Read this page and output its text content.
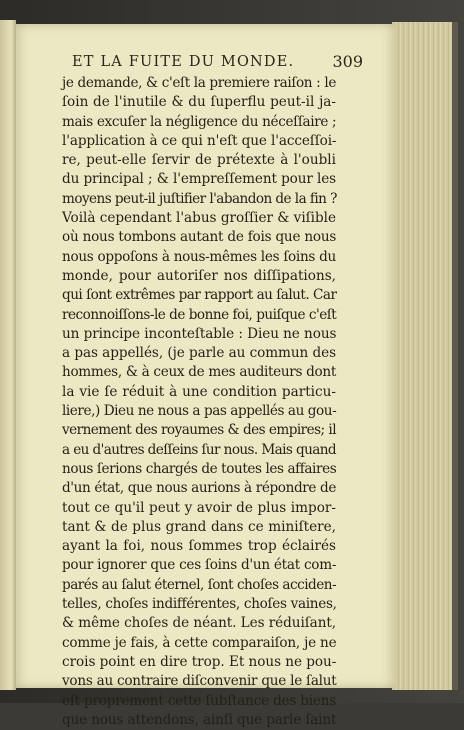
ET LA FUITE DU MONDE. 309
je demande, & c'eſt la premiere raiſon : le
ſoin de l'inutile & du ſuperflu peut-il ja-
mais excuſer la négligence du néceſſaire ;
l'application à ce qui n'eſt que l'acceſſoi-
re, peut-elle ſervir de prétexte à l'oubli
du principal ; & l'empreſſement pour les
moyens peut-il juſtifier l'abandon de la fin ?
Voilà cependant l'abus groſſier & viſible
où nous tombons autant de fois que nous
nous oppoſons à nous-mêmes les ſoins du
monde, pour autoriſer nos diſſipations,
qui ſont extrêmes par rapport au ſalut. Car
reconnoiſſons-le de bonne foi, puiſque c'eſt
un principe inconteſtable : Dieu ne nous
a pas appellés, (je parle au commun des
hommes, & à ceux de mes auditeurs dont
la vie ſe réduit à une condition particu-
liere,) Dieu ne nous a pas appellés au gou-
vernement des royaumes & des empires; il
a eu d'autres deſſeins ſur nous. Mais quand
nous ſerions chargés de toutes les affaires
d'un état, que nous aurions à répondre de
tout ce qu'il peut y avoir de plus impor-
tant & de plus grand dans ce miniſtere,
ayant la foi, nous ſommes trop éclairés
pour ignorer que ces ſoins d'un état com-
parés au ſalut éternel, ſont choſes acciden-
telles, choſes indifférentes, choſes vaines,
& même choſes de néant. Les réduiſant,
comme je fais, à cette comparaiſon, je ne
crois point en dire trop. Et nous ne pou-
vons au contraire diſconvenir que le ſalut
eſt proprement cette ſubſtance des biens
que nous attendons, ainſi que parle ſaint
